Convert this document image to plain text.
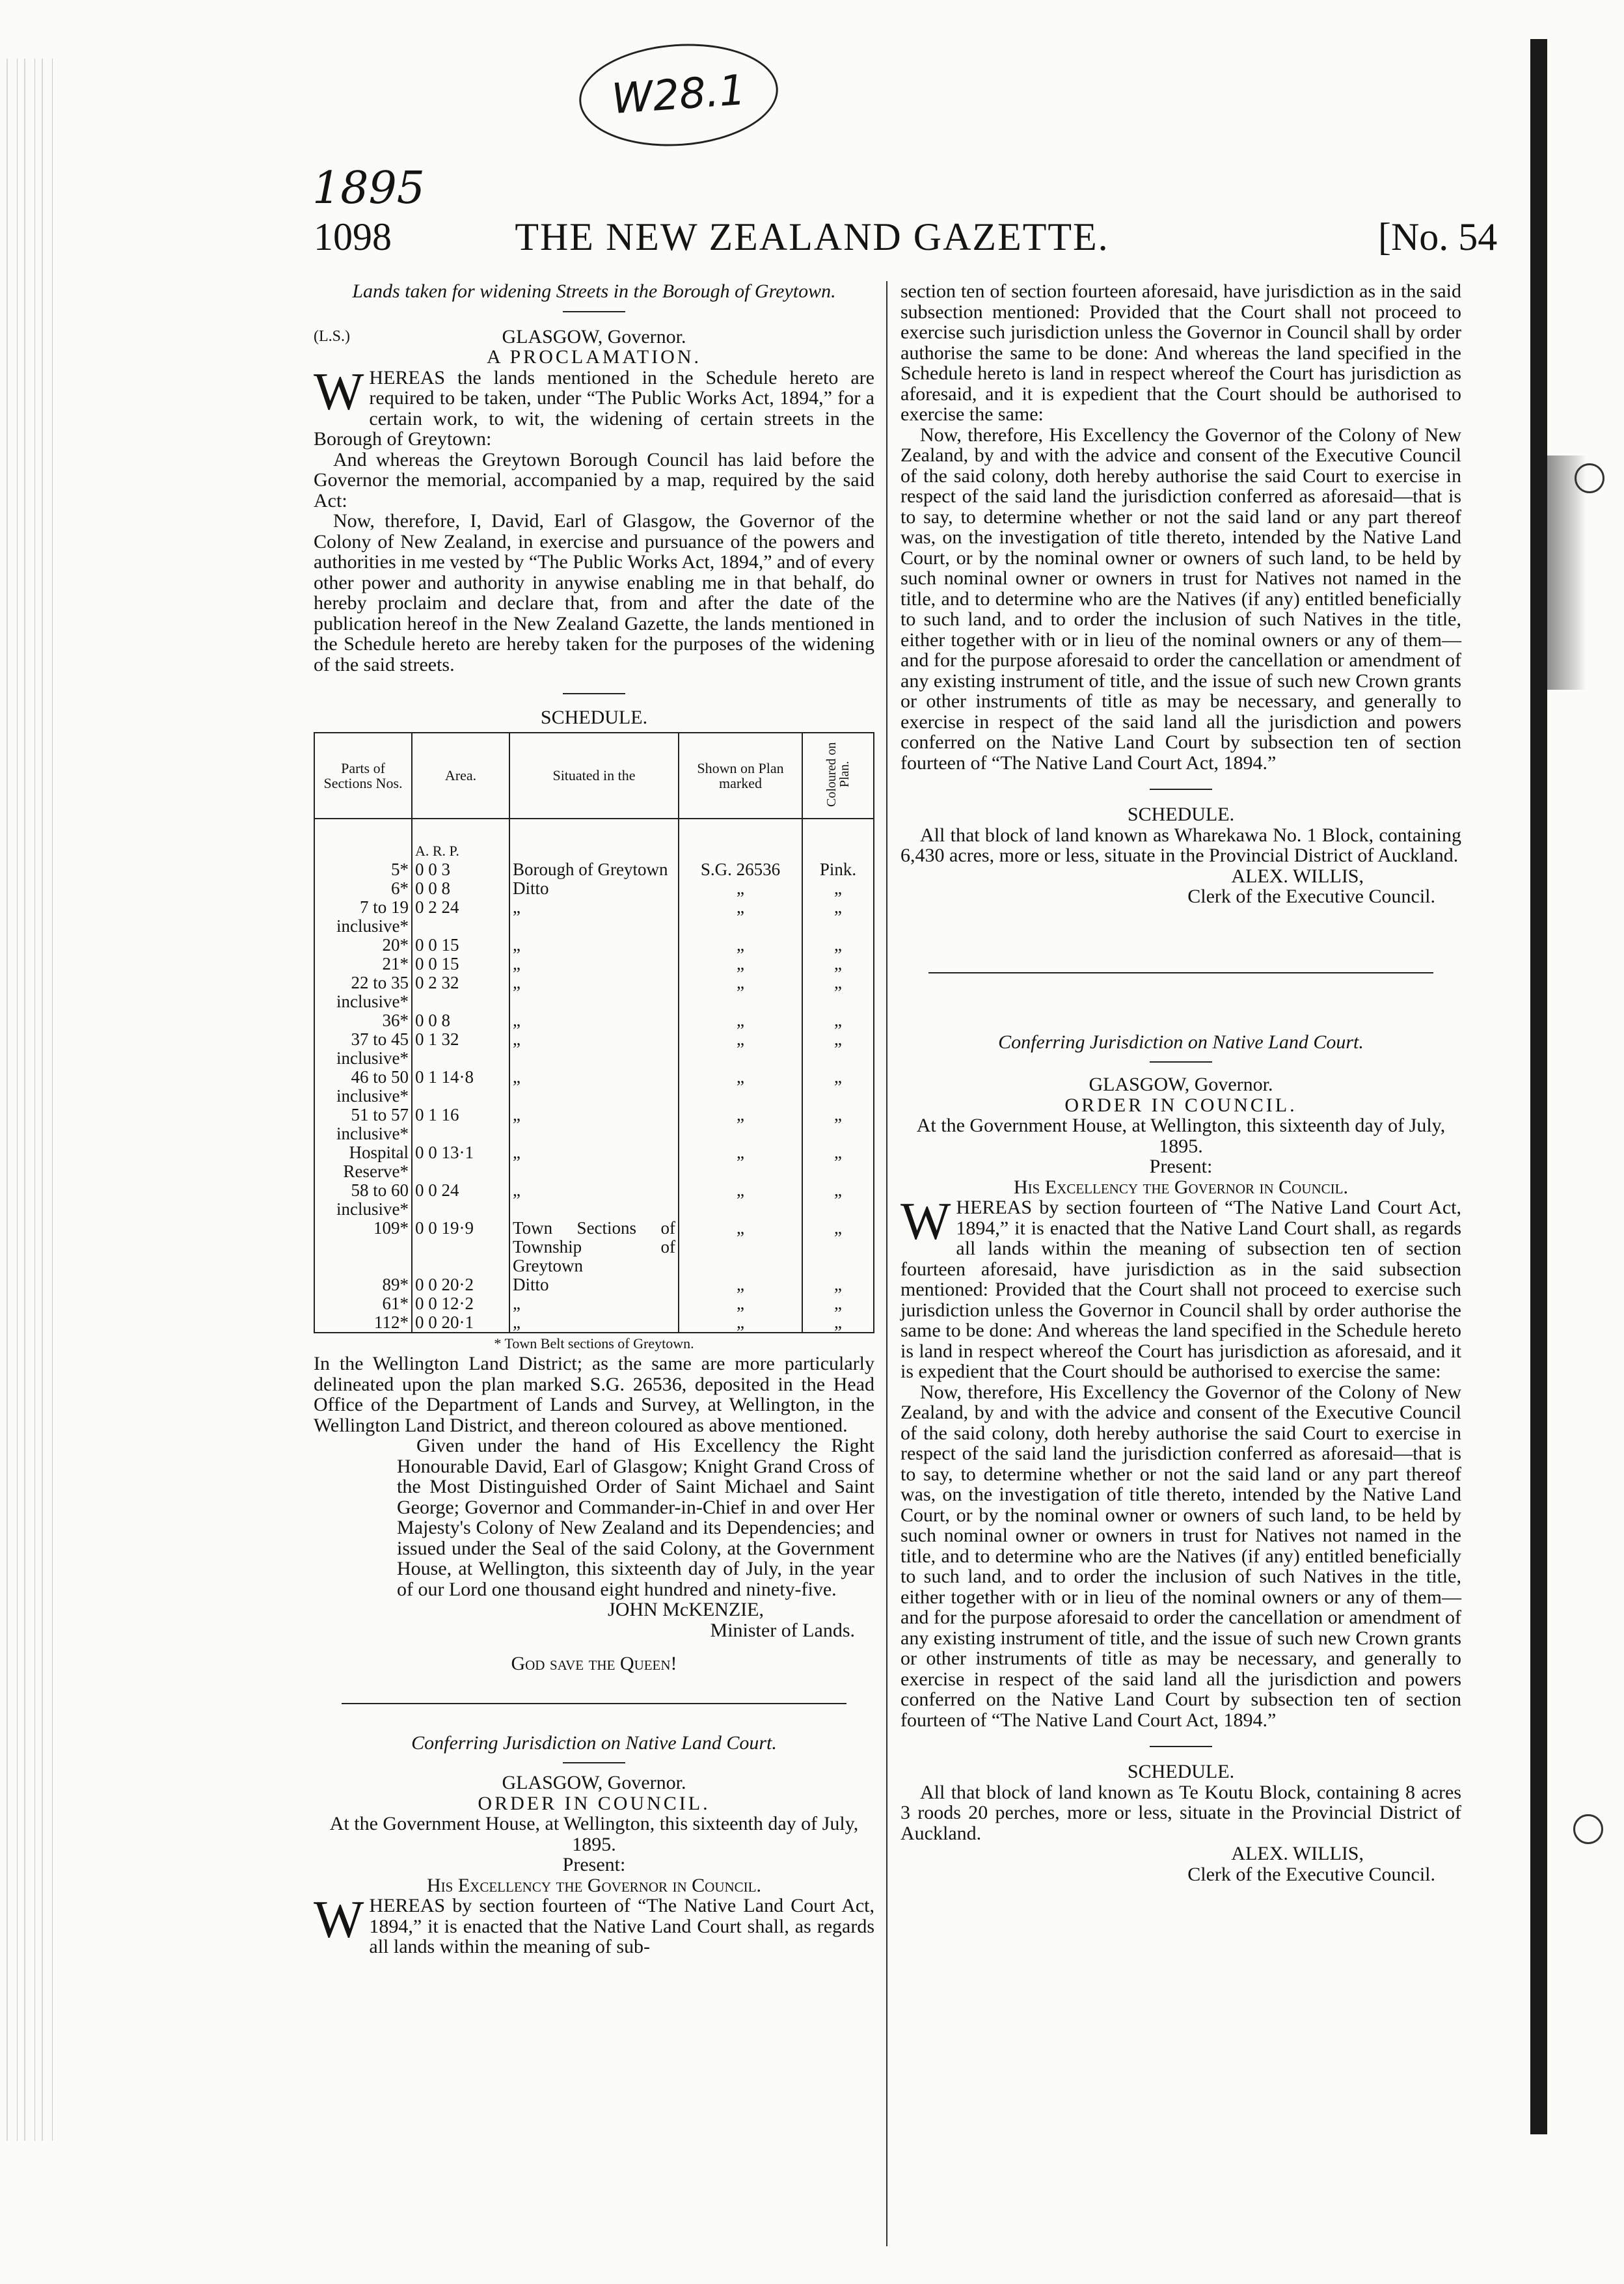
W28.1
1895
1098	THE NEW ZEALAND GAZETTE.	[No. 54
Lands taken for widening Streets in the Borough of Greytown.
(L.S.)	GLASGOW, Governor.
A PROCLAMATION.

WHEREAS the lands mentioned in the Schedule hereto are required to be taken, under “The Public Works Act, 1894,” for a certain work, to wit, the widening of certain streets in the Borough of Greytown:

And whereas the Greytown Borough Council has laid before the Governor the memorial, accompanied by a map, required by the said Act:

Now, therefore, I, David, Earl of Glasgow, the Governor of the Colony of New Zealand, in exercise and pursuance of the powers and authorities in me vested by “The Public Works Act, 1894,” and of every other power and authority in anywise enabling me in that behalf, do hereby proclaim and declare that, from and after the date of the publication hereof in the New Zealand Gazette, the lands mentioned in the Schedule hereto are hereby taken for the purposes of the widening of the said streets.

SCHEDULE.
Parts of Sections Nos.	Area.	Situated in the	Shown on Plan marked	Coloured on Plan.
	A. R. P.			
5*	0 0 3	Borough of Greytown	S.G. 26536	Pink.
6*	0 0 8	Ditto	„	„
7 to 19 inclusive*	0 2 24	„	„	„
20*	0 0 15	„	„	„
21*	0 0 15	„	„	„
22 to 35 inclusive*	0 2 32	„	„	„
36*	0 0 8	„	„	„
37 to 45 inclusive*	0 1 32	„	„	„
46 to 50 inclusive*	0 1 14·8	„	„	„
51 to 57 inclusive*	0 1 16	„	„	„
Hospital Reserve*	0 0 13·1	„	„	„
58 to 60 inclusive*	0 0 24	„	„	„
109*	0 0 19·9	Town Sections of Township of Greytown	„	„
89*	0 0 20·2	Ditto	„	„
61*	0 0 12·2	„	„	„
112*	0 0 20·1	„	„	„
* Town Belt sections of Greytown.

In the Wellington Land District; as the same are more particularly delineated upon the plan marked S.G. 26536, deposited in the Head Office of the Department of Lands and Survey, at Wellington, in the Wellington Land District, and thereon coloured as above mentioned.

Given under the hand of His Excellency the Right Honourable David, Earl of Glasgow; Knight Grand Cross of the Most Distinguished Order of Saint Michael and Saint George; Governor and Commander-in-Chief in and over Her Majesty's Colony of New Zealand and its Dependencies; and issued under the Seal of the said Colony, at the Government House, at Wellington, this sixteenth day of July, in the year of our Lord one thousand eight hundred and ninety-five.

JOHN McKENZIE,
Minister of Lands.
God save the Queen!
Conferring Jurisdiction on Native Land Court.
GLASGOW, Governor.
ORDER IN COUNCIL.
At the Government House, at Wellington, this sixteenth day of July, 1895.
Present:
His Excellency the Governor in Council.

WHEREAS by section fourteen of “The Native Land Court Act, 1894,” it is enacted that the Native Land Court shall, as regards all lands within the meaning of sub-

section ten of section fourteen aforesaid, have jurisdiction as in the said subsection mentioned: Provided that the Court shall not proceed to exercise such jurisdiction unless the Governor in Council shall by order authorise the same to be done: And whereas the land specified in the Schedule hereto is land in respect whereof the Court has jurisdiction as aforesaid, and it is expedient that the Court should be authorised to exercise the same:

Now, therefore, His Excellency the Governor of the Colony of New Zealand, by and with the advice and consent of the Executive Council of the said colony, doth hereby authorise the said Court to exercise in respect of the said land the jurisdiction conferred as aforesaid—that is to say, to determine whether or not the said land or any part thereof was, on the investigation of title thereto, intended by the Native Land Court, or by the nominal owner or owners of such land, to be held by such nominal owner or owners in trust for Natives not named in the title, and to determine who are the Natives (if any) entitled beneficially to such land, and to order the inclusion of such Natives in the title, either together with or in lieu of the nominal owners or any of them—and for the purpose aforesaid to order the cancellation or amendment of any existing instrument of title, and the issue of such new Crown grants or other instruments of title as may be necessary, and generally to exercise in respect of the said land all the jurisdiction and powers conferred on the Native Land Court by subsection ten of section fourteen of “The Native Land Court Act, 1894.”

SCHEDULE.

All that block of land known as Wharekawa No. 1 Block, containing 6,430 acres, more or less, situate in the Provincial District of Auckland.

ALEX. WILLIS,
Clerk of the Executive Council.
Conferring Jurisdiction on Native Land Court.
GLASGOW, Governor.
ORDER IN COUNCIL.
At the Government House, at Wellington, this sixteenth day of July, 1895.
Present:
His Excellency the Governor in Council.

WHEREAS by section fourteen of “The Native Land Court Act, 1894,” it is enacted that the Native Land Court shall, as regards all lands within the meaning of subsection ten of section fourteen aforesaid, have jurisdiction as in the said subsection mentioned: Provided that the Court shall not proceed to exercise such jurisdiction unless the Governor in Council shall by order authorise the same to be done: And whereas the land specified in the Schedule hereto is land in respect whereof the Court has jurisdiction as aforesaid, and it is expedient that the Court should be authorised to exercise the same:

Now, therefore, His Excellency the Governor of the Colony of New Zealand, by and with the advice and consent of the Executive Council of the said colony, doth hereby authorise the said Court to exercise in respect of the said land the jurisdiction conferred as aforesaid—that is to say, to determine whether or not the said land or any part thereof was, on the investigation of title thereto, intended by the Native Land Court, or by the nominal owner or owners of such land, to be held by such nominal owner or owners in trust for Natives not named in the title, and to determine who are the Natives (if any) entitled beneficially to such land, and to order the inclusion of such Natives in the title, either together with or in lieu of the nominal owners or any of them—and for the purpose aforesaid to order the cancellation or amendment of any existing instrument of title, and the issue of such new Crown grants or other instruments of title as may be necessary, and generally to exercise in respect of the said land all the jurisdiction and powers conferred on the Native Land Court by subsection ten of section fourteen of “The Native Land Court Act, 1894.”

SCHEDULE.

All that block of land known as Te Koutu Block, containing 8 acres 3 roods 20 perches, more or less, situate in the Provincial District of Auckland.

ALEX. WILLIS,
Clerk of the Executive Council.
